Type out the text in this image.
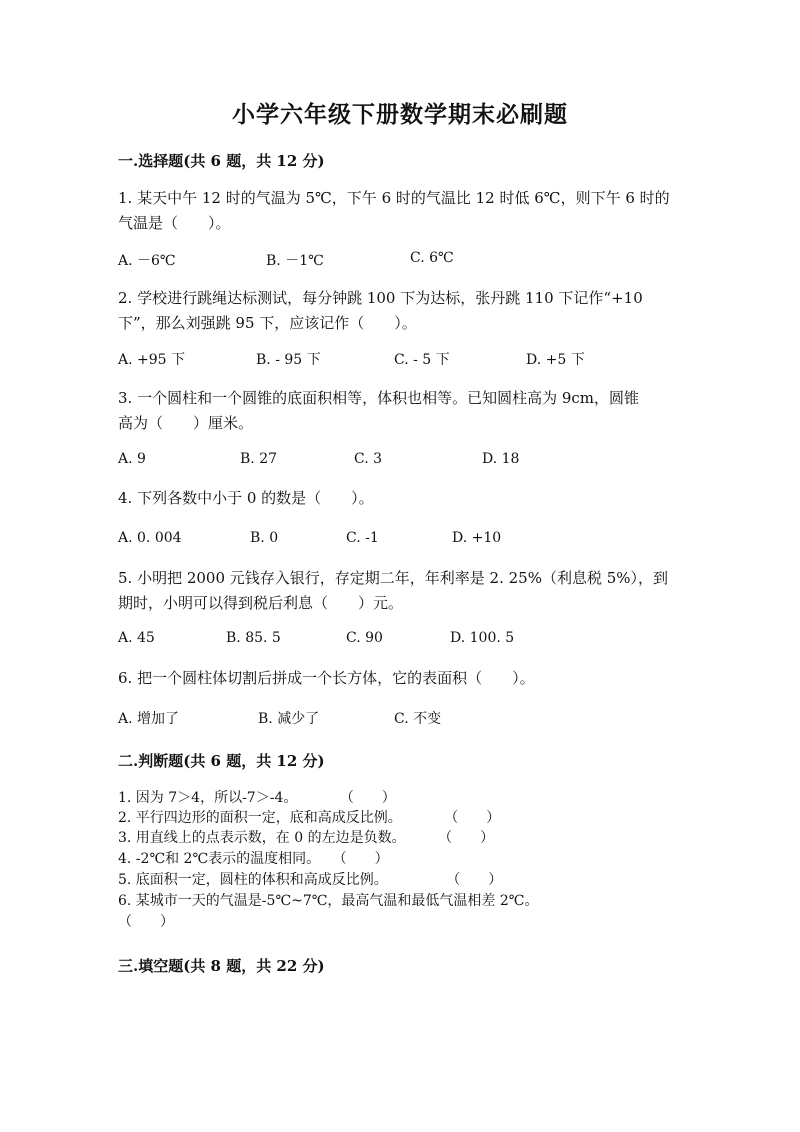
小学六年级下册数学期末必刷题
一.选择题(共 6 题，共 12 分)
1. 某天中午 12 时的气温为 5℃，下午 6 时的气温比 12 时低 6℃，则下午 6 时的
气温是（　　）。
A. －6℃	B. －1℃	C. 6℃
2. 学校进行跳绳达标测试，每分钟跳 100 下为达标，张丹跳 110 下记作“+10
下”，那么刘强跳 95 下，应该记作（　　）。
A. +95 下	B. - 95 下	C. - 5 下	D. +5 下
3. 一个圆柱和一个圆锥的底面积相等，体积也相等。已知圆柱高为 9cm，圆锥
高为（　　）厘米。
A. 9	B. 27	C. 3	D. 18
4. 下列各数中小于 0 的数是（　　）。
A. 0. 004	B. 0	C. -1	D. +10
5. 小明把 2000 元钱存入银行，存定期二年，年利率是 2. 25%（利息税 5%），到
期时，小明可以得到税后利息（　　）元。
A. 45	B. 85. 5	C. 90	D. 100. 5
6. 把一个圆柱体切割后拼成一个长方体，它的表面积（　　）。
A. 增加了	B. 减少了	C. 不变
二.判断题(共 6 题，共 12 分)
1. 因为 7＞4，所以-7＞-4。	（　　）
2. 平行四边形的面积一定，底和高成反比例。	（　　）
3. 用直线上的点表示数，在 0 的左边是负数。 （　　）
4. -2℃和 2℃表示的温度相同。 （　　）
5. 底面积一定，圆柱的体积和高成反比例。	（　　）
6. 某城市一天的气温是-5℃~7℃，最高气温和最低气温相差 2℃。
（　　）
三.填空题(共 8 题，共 22 分)
